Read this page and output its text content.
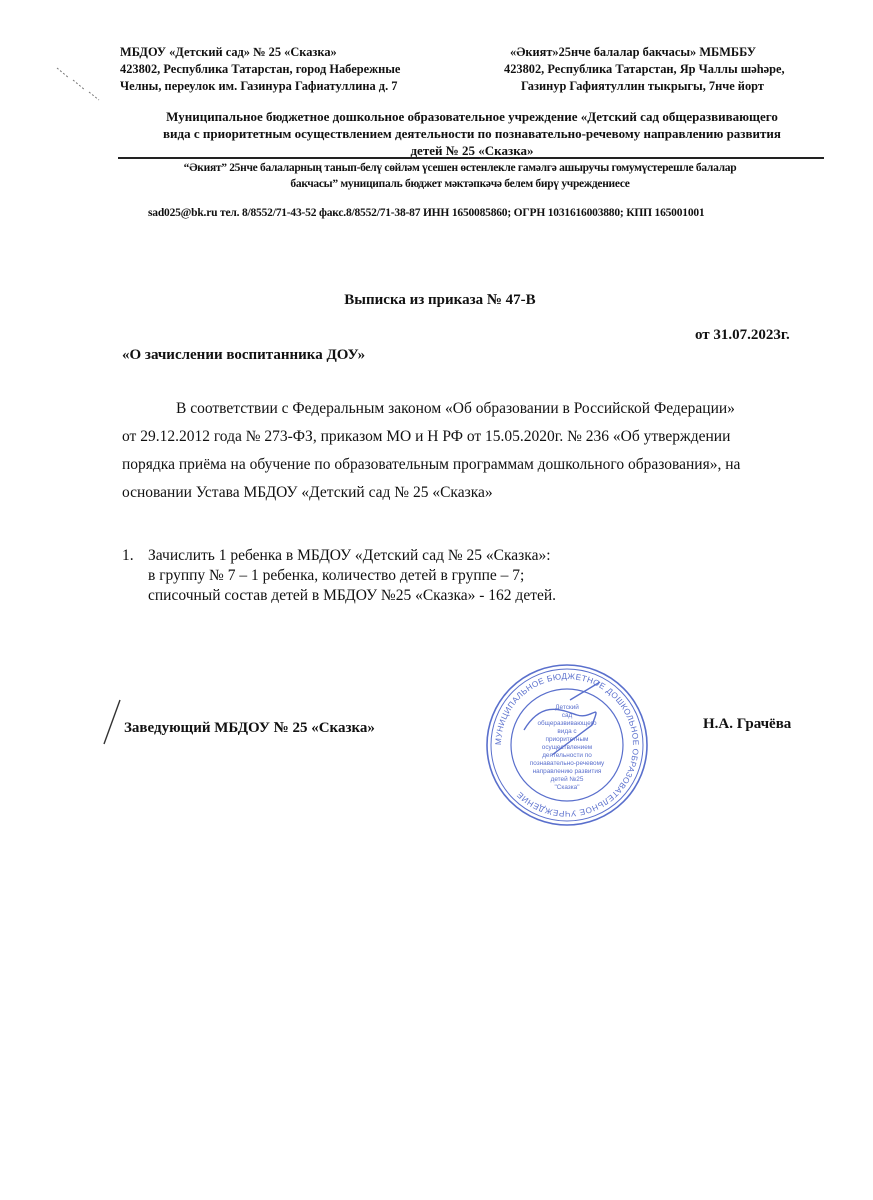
МБДОУ «Детский сад» № 25 «Сказка»
423802, Республика Татарстан, город Набережные
Челны, переулок им. Газинура Гафиатуллина д. 7
«Әкият»25нче балалар бакчасы» МБМББУ
423802, Республика Татарстан, Яр Чаллы шәһәре,
Газинур Гафиятуллин тыкрыгы, 7нче йорт
Муниципальное бюджетное дошкольное образовательное учреждение «Детский сад общеразвивающего
вида с приоритетным осуществлением деятельности по познавательно-речевому направлению развития
детей № 25 «Сказка»
“Әкият” 25нче балаларның танып-белү сөйләм үсешен өстенлекле гамәлгә ашыручы гомумүстерешле балалар
бакчасы” муниципаль бюджет мәктәпкәчә белем бирү учреждениесе
sad025@bk.ru тел. 8/8552/71-43-52 факс.8/8552/71-38-87 ИНН 1650085860; ОГРН 1031616003880; КПП 165001001
Выписка из приказа № 47-В
от 31.07.2023г.
«О зачислении воспитанника ДОУ»
В соответствии с Федеральным законом «Об образовании в Российской Федерации»
от 29.12.2012 года № 273-ФЗ, приказом МО и Н РФ от 15.05.2020г. № 236 «Об утверждении
порядка приёма на обучение по образовательным программам дошкольного образования», на
основании Устава МБДОУ «Детский сад № 25 «Сказка»
1. Зачислить 1 ребенка в МБДОУ «Детский сад № 25 «Сказка»:
в группу № 7 – 1 ребенка, количество детей в группе – 7;
списочный состав детей в МБДОУ №25 «Сказка» - 162 детей.
Заведующий МБДОУ № 25 «Сказка»	Н.А. Грачёва
МУНИЦИПАЛЬНОЕ БЮДЖЕТНОЕ ДОШКОЛЬНОЕ ОБРАЗОВАТЕЛЬНОЕ УЧРЕЖДЕНИЕ
Детский
сад
общеразвивающего
вида с
приоритетным
осуществлением
деятельности по
познавательно-речевому
направлению развития
детей №25
"Сказка"
